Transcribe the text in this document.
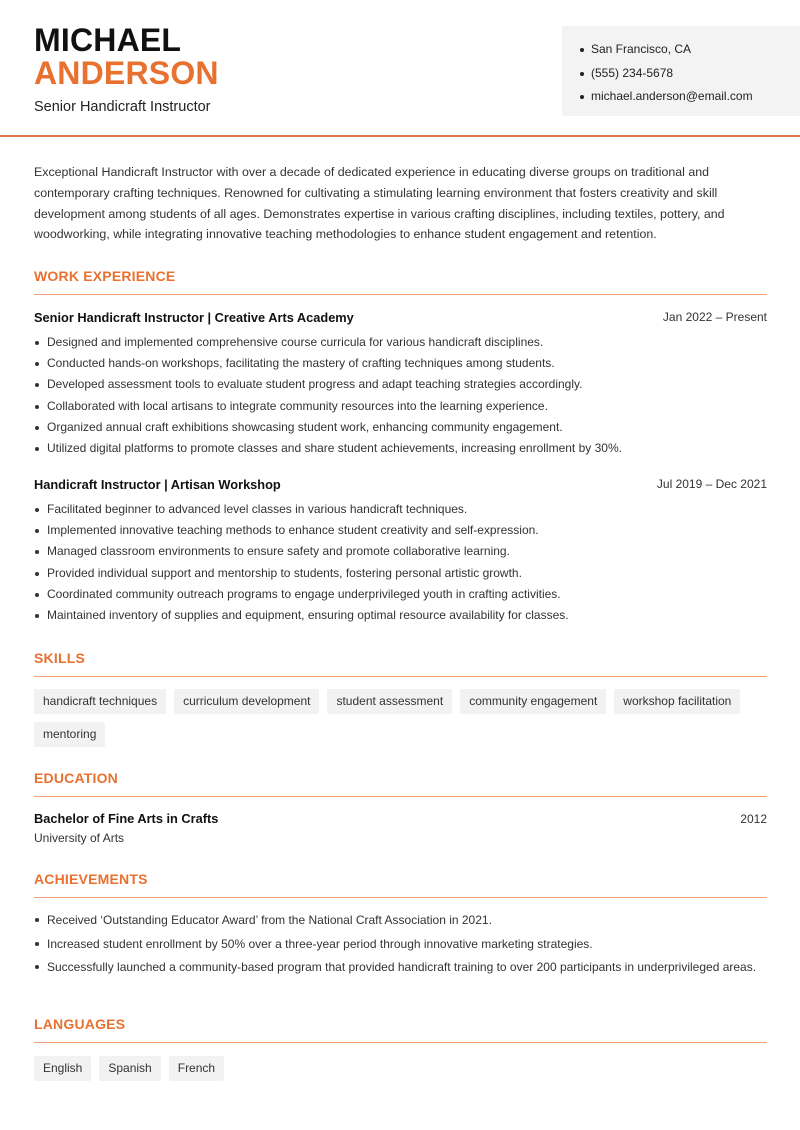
MICHAEL
ANDERSON
Senior Handicraft Instructor
San Francisco, CA
(555) 234-5678
michael.anderson@email.com
Exceptional Handicraft Instructor with over a decade of dedicated experience in educating diverse groups on traditional and contemporary crafting techniques. Renowned for cultivating a stimulating learning environment that fosters creativity and skill development among students of all ages. Demonstrates expertise in various crafting disciplines, including textiles, pottery, and woodworking, while integrating innovative teaching methodologies to enhance student engagement and retention.
WORK EXPERIENCE
Senior Handicraft Instructor | Creative Arts Academy	Jan 2022 – Present
Designed and implemented comprehensive course curricula for various handicraft disciplines.
Conducted hands-on workshops, facilitating the mastery of crafting techniques among students.
Developed assessment tools to evaluate student progress and adapt teaching strategies accordingly.
Collaborated with local artisans to integrate community resources into the learning experience.
Organized annual craft exhibitions showcasing student work, enhancing community engagement.
Utilized digital platforms to promote classes and share student achievements, increasing enrollment by 30%.
Handicraft Instructor | Artisan Workshop	Jul 2019 – Dec 2021
Facilitated beginner to advanced level classes in various handicraft techniques.
Implemented innovative teaching methods to enhance student creativity and self-expression.
Managed classroom environments to ensure safety and promote collaborative learning.
Provided individual support and mentorship to students, fostering personal artistic growth.
Coordinated community outreach programs to engage underprivileged youth in crafting activities.
Maintained inventory of supplies and equipment, ensuring optimal resource availability for classes.
SKILLS
handicraft techniques	curriculum development	student assessment	community engagement	workshop facilitation
mentoring
EDUCATION
Bachelor of Fine Arts in Crafts	2012
University of Arts
ACHIEVEMENTS
Received ‘Outstanding Educator Award’ from the National Craft Association in 2021.
Increased student enrollment by 50% over a three-year period through innovative marketing strategies.
Successfully launched a community-based program that provided handicraft training to over 200 participants in underprivileged areas.
LANGUAGES
English	Spanish	French
